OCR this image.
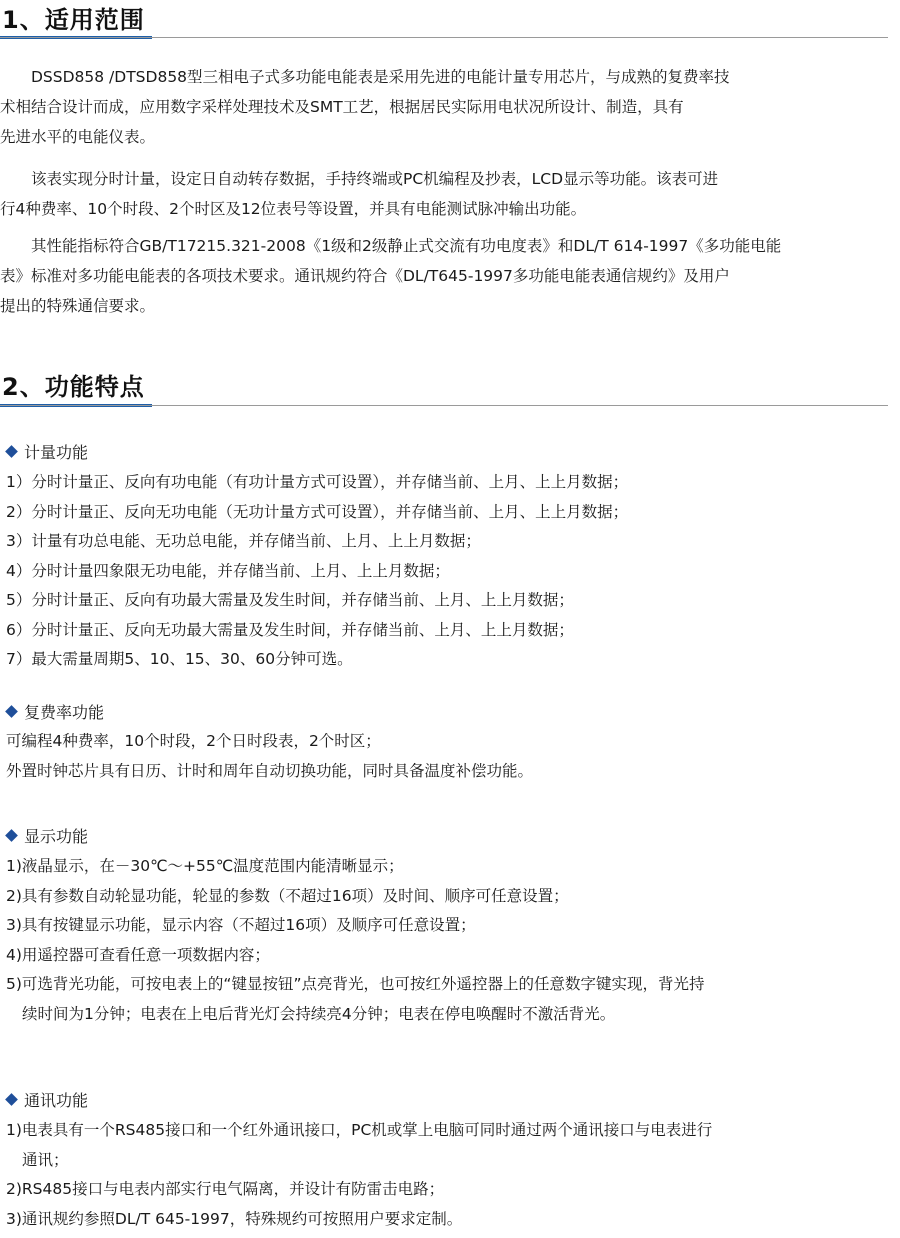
1、适用范围
　　DSSD858 /DTSD858型三相电子式多功能电能表是采用先进的电能计量专用芯片，与成熟的复费率技
术相结合设计而成，应用数字采样处理技术及SMT工艺，根据居民实际用电状况所设计、制造，具有
先进水平的电能仪表。
　　该表实现分时计量，设定日自动转存数据，手持终端或PC机编程及抄表，LCD显示等功能。该表可进
行4种费率、10个时段、2个时区及12位表号等设置，并具有电能测试脉冲输出功能。
　　其性能指标符合GB/T17215.321-2008《1级和2级静止式交流有功电度表》和DL/T 614-1997《多功能电能
表》标准对多功能电能表的各项技术要求。通讯规约符合《DL/T645-1997多功能电能表通信规约》及用户
提出的特殊通信要求。
2、功能特点
计量功能
1）分时计量正、反向有功电能（有功计量方式可设置），并存储当前、上月、上上月数据；
2）分时计量正、反向无功电能（无功计量方式可设置），并存储当前、上月、上上月数据；
3）计量有功总电能、无功总电能，并存储当前、上月、上上月数据；
4）分时计量四象限无功电能，并存储当前、上月、上上月数据；
5）分时计量正、反向有功最大需量及发生时间，并存储当前、上月、上上月数据；
6）分时计量正、反向无功最大需量及发生时间，并存储当前、上月、上上月数据；
7）最大需量周期5、10、15、30、60分钟可选。
复费率功能
可编程4种费率，10个时段，2个日时段表，2个时区；
外置时钟芯片具有日历、计时和周年自动切换功能，同时具备温度补偿功能。
显示功能
1)液晶显示，在－30℃～+55℃温度范围内能清晰显示；
2)具有参数自动轮显功能，轮显的参数（不超过16项）及时间、顺序可任意设置；
3)具有按键显示功能，显示内容（不超过16项）及顺序可任意设置；
4)用遥控器可查看任意一项数据内容；
5)可选背光功能，可按电表上的“键显按钮”点亮背光，也可按红外遥控器上的任意数字键实现，背光持
续时间为1分钟；电表在上电后背光灯会持续亮4分钟；电表在停电唤醒时不激活背光。
通讯功能
1)电表具有一个RS485接口和一个红外通讯接口，PC机或掌上电脑可同时通过两个通讯接口与电表进行
通讯；
2)RS485接口与电表内部实行电气隔离，并设计有防雷击电路；
3)通讯规约参照DL/T 645-1997，特殊规约可按照用户要求定制。
